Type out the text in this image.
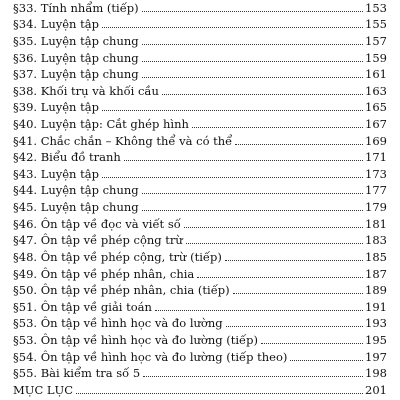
§33. Tính nhẩm (tiếp)	153
§34. Luyện tập	155
§35. Luyện tập chung	157
§36. Luyện tập chung	159
§37. Luyện tập chung	161
§38. Khối trụ và khối cầu	163
§39. Luyện tập	165
§40. Luyện tập: Cắt ghép hình	167
§41. Chắc chắn – Không thể và có thể	169
§42. Biểu đồ tranh	171
§43. Luyện tập	173
§44. Luyện tập chung	177
§45. Luyện tập chung	179
§46. Ôn tập về đọc và viết số	181
§47. Ôn tập về phép cộng trừ	183
§48. Ôn tập về phép cộng, trừ (tiếp)	185
§49. Ôn tập về phép nhân, chia	187
§50. Ôn tập về phép nhân, chia (tiếp)	189
§51. Ôn tập về giải toán	191
§53. Ôn tập về hình học và đo lường	193
§53. Ôn tập về hình học và đo lường (tiếp)	195
§54. Ôn tập về hình học và đo lường (tiếp theo)	197
§55. Bài kiểm tra số 5	198
MỤC LỤC	201
